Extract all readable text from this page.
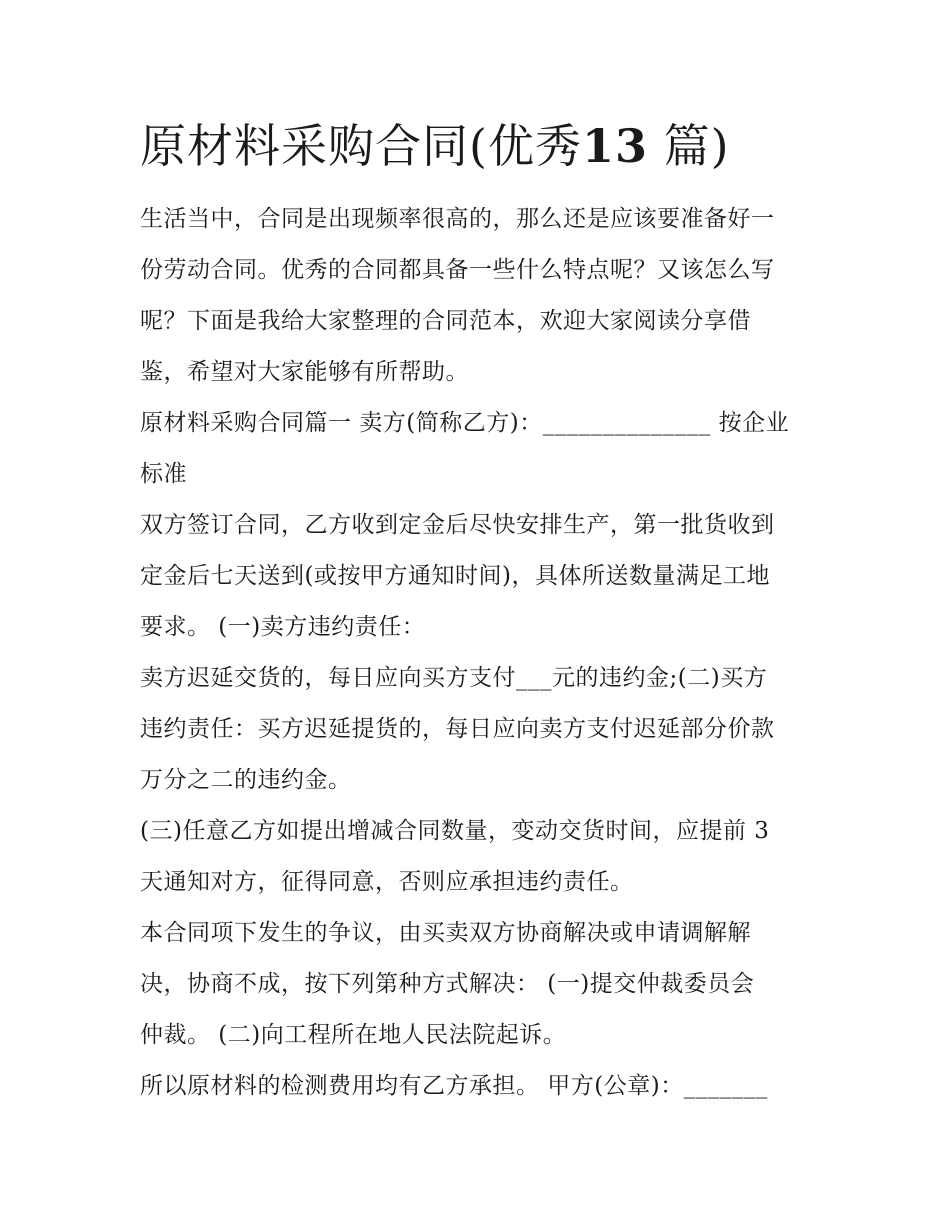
原材料采购合同(优秀13 篇)
生活当中，合同是出现频率很高的，那么还是应该要准备好一
份劳动合同。优秀的合同都具备一些什么特点呢？又该怎么写
呢？下面是我给大家整理的合同范本，欢迎大家阅读分享借
鉴，希望对大家能够有所帮助。
原材料采购合同篇一 卖方(简称乙方)：______________ 按企业
标准
双方签订合同，乙方收到定金后尽快安排生产，第一批货收到
定金后七天送到(或按甲方通知时间)，具体所送数量满足工地
要求。 (一)卖方违约责任：
卖方迟延交货的，每日应向买方支付___元的违约金;(二)买方
违约责任：买方迟延提货的，每日应向卖方支付迟延部分价款
万分之二的违约金。
(三)任意乙方如提出增减合同数量，变动交货时间，应提前 3
天通知对方，征得同意，否则应承担违约责任。
本合同项下发生的争议，由买卖双方协商解决或申请调解解
决，协商不成，按下列第种方式解决： (一)提交仲裁委员会
仲裁。 (二)向工程所在地人民法院起诉。
所以原材料的检测费用均有乙方承担。 甲方(公章)：_______
